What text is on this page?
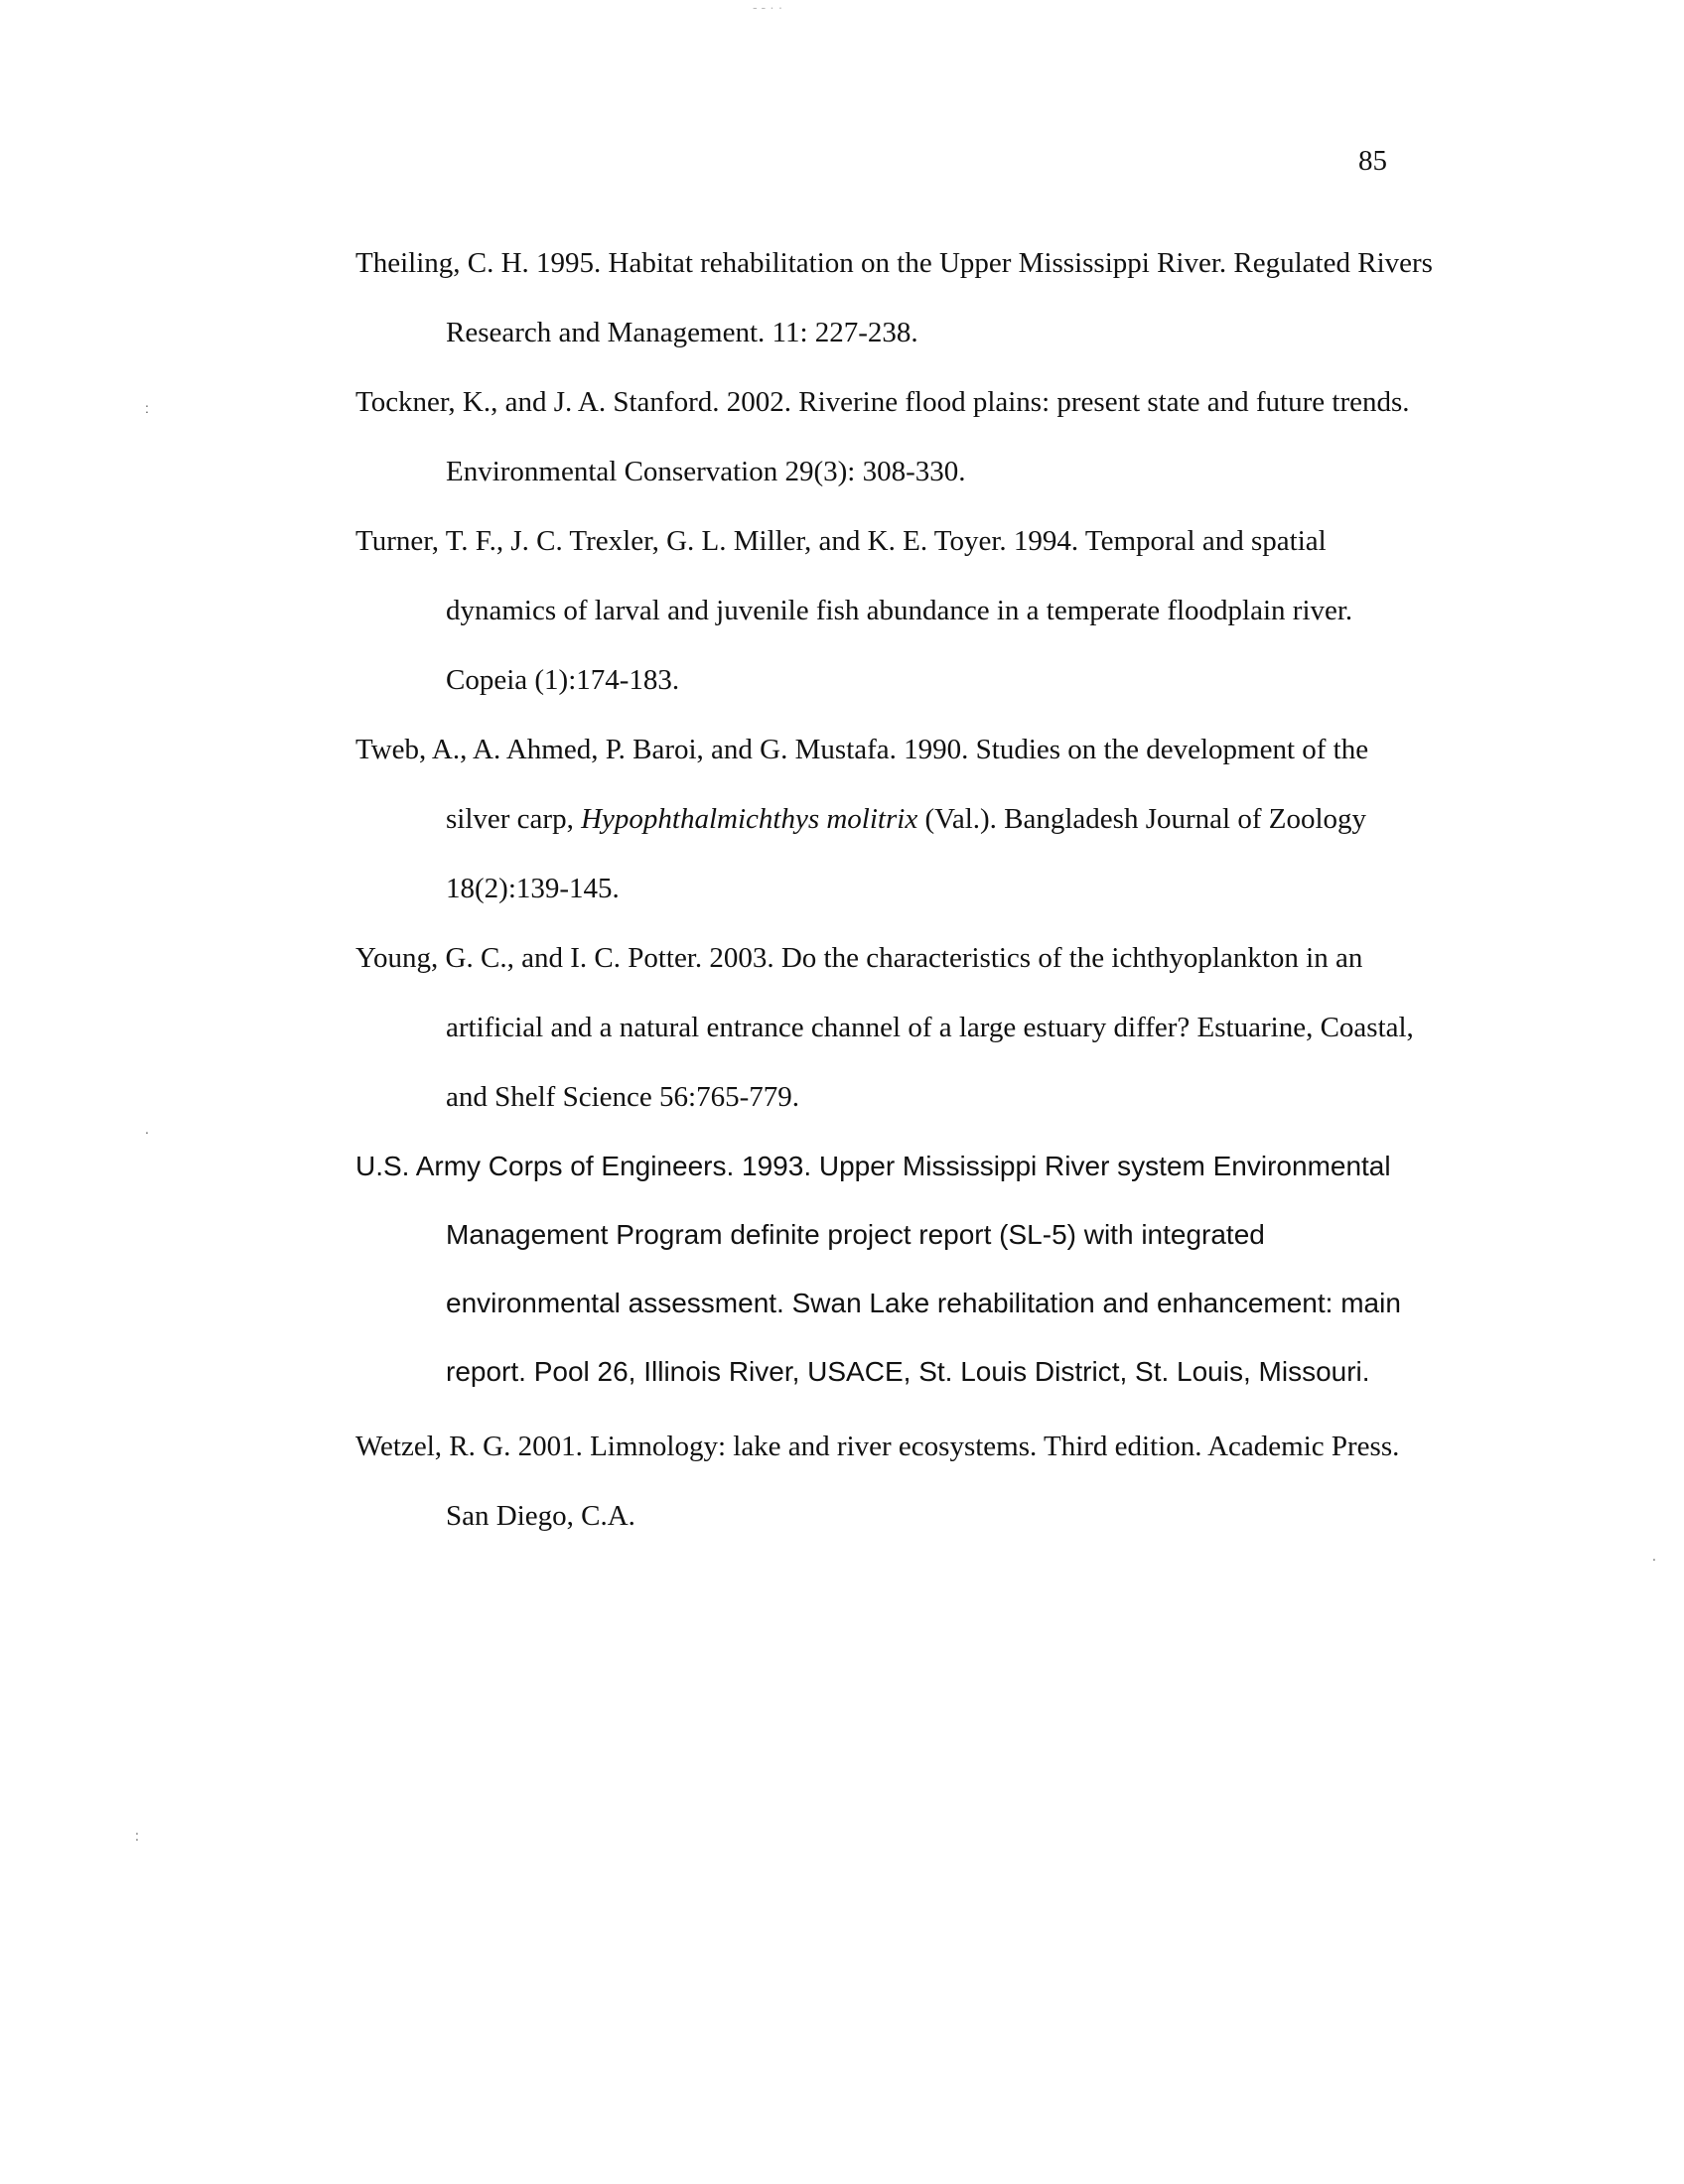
85

Theiling, C. H. 1995. Habitat rehabilitation on the Upper Mississippi River. Regulated Rivers Research and Management. 11: 227-238.

Tockner, K., and J. A. Stanford. 2002. Riverine flood plains: present state and future trends. Environmental Conservation 29(3): 308-330.

Turner, T. F., J. C. Trexler, G. L. Miller, and K. E. Toyer. 1994. Temporal and spatial dynamics of larval and juvenile fish abundance in a temperate floodplain river. Copeia (1):174-183.

Tweb, A., A. Ahmed, P. Baroi, and G. Mustafa. 1990. Studies on the development of the silver carp, Hypophthalmichthys molitrix (Val.). Bangladesh Journal of Zoology 18(2):139-145.

Young, G. C., and I. C. Potter. 2003. Do the characteristics of the ichthyoplankton in an artificial and a natural entrance channel of a large estuary differ? Estuarine, Coastal, and Shelf Science 56:765-779.

U.S. Army Corps of Engineers. 1993. Upper Mississippi River system Environmental Management Program definite project report (SL-5) with integrated environmental assessment. Swan Lake rehabilitation and enhancement: main report. Pool 26, Illinois River, USACE, St. Louis District, St. Louis, Missouri.

Wetzel, R. G. 2001. Limnology: lake and river ecosystems. Third edition. Academic Press. San Diego, C.A.

:
.
:
.
- - · ·
